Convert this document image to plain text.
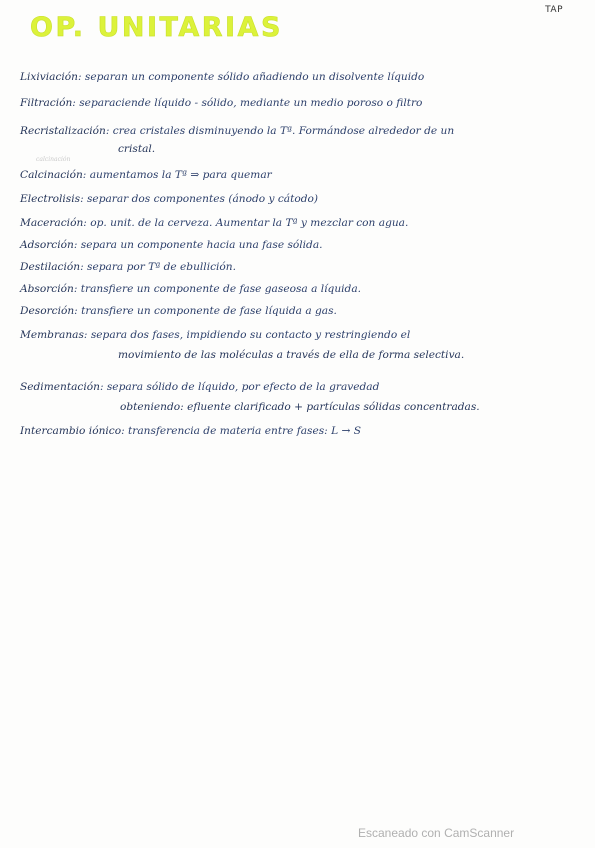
TAP
OP. UNITARIAS
calcinación
Lixiviación: separan un componente sólido añadiendo un disolvente líquido
Filtración: separaciende líquido - sólido, mediante un medio poroso o filtro
Recristalización: crea cristales disminuyendo la Tª. Formándose alrededor de un
cristal.
Calcinación: aumentamos la Tª ⇒ para quemar
Electrolisis: separar dos componentes (ánodo y cátodo)
Maceración: op. unit. de la cerveza. Aumentar la Tª y mezclar con agua.
Adsorción: separa un componente hacia una fase sólida.
Destilación: separa por Tª de ebullición.
Absorción: transfiere un componente de fase gaseosa a líquida.
Desorción: transfiere un componente de fase líquida a gas.
Membranas: separa dos fases, impidiendo su contacto y restringiendo el
movimiento de las moléculas a través de ella de forma selectiva.
Sedimentación: separa sólido de líquido, por efecto de la gravedad
obteniendo: efluente clarificado + partículas sólidas concentradas.
Intercambio iónico: transferencia de materia entre fases: L → S
Escaneado con CamScanner
